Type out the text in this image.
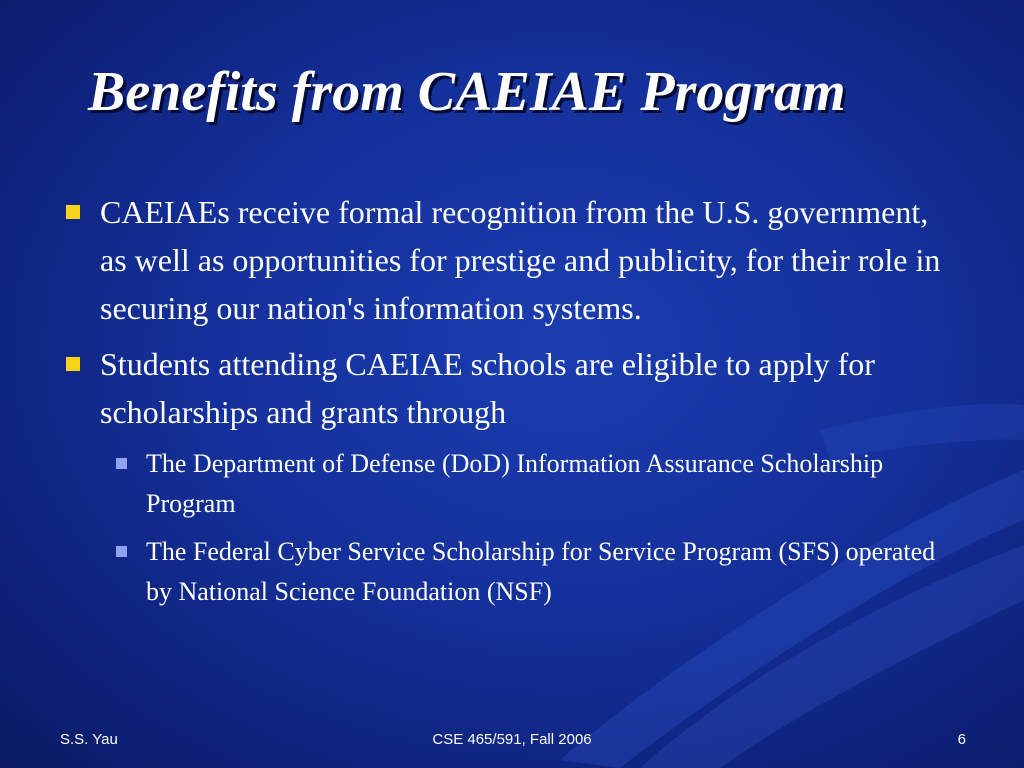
Benefits from CAEIAE Program
CAEIAEs receive formal recognition from the U.S. government, as well as opportunities for prestige and publicity, for their role in securing our nation's information systems.
Students attending CAEIAE schools are eligible to apply for scholarships and grants through
The Department of Defense (DoD) Information Assurance Scholarship Program
The Federal Cyber Service Scholarship for Service Program (SFS) operated by National Science Foundation (NSF)
S.S. Yau	CSE 465/591, Fall 2006	6
